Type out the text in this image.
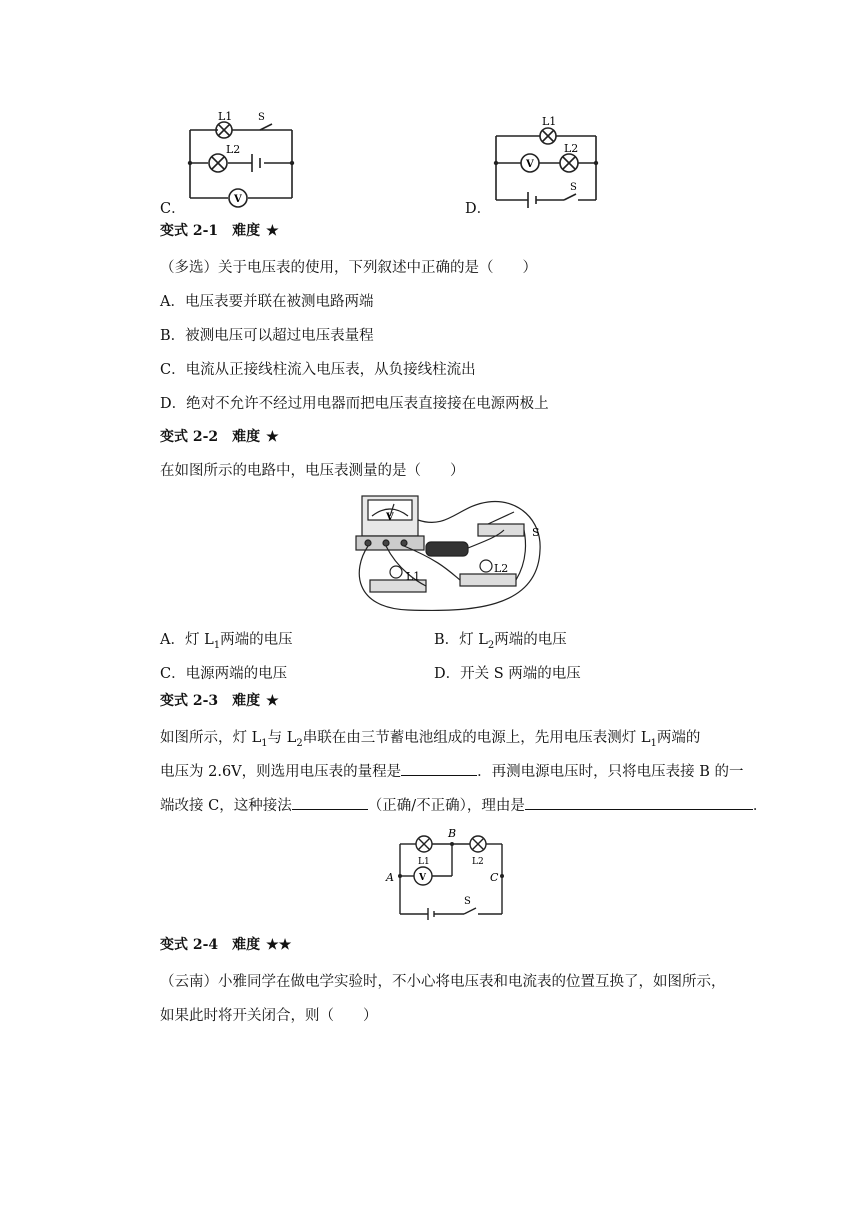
L1	S
L2
V
C．
L1
V
L2
S
D．
变式 2-1　难度 ★
（多选）关于电压表的使用，下列叙述中正确的是（　　）
A．电压表要并联在被测电路两端
B．被测电压可以超过电压表量程
C．电流从正接线柱流入电压表，从负接线柱流出
D．绝对不允许不经过用电器而把电压表直接接在电源两极上
变式 2-2　难度 ★
在如图所示的电路中，电压表测量的是（　　）
V
S
L1
L2
A．灯 $L_1$两端的电压	B．灯 $L_2$两端的电压
C．电源两端的电压	D．开关 S 两端的电压
变式 2-3　难度 ★
如图所示，灯 $L_1$与 $L_2$串联在由三节蓄电池组成的电源上，先用电压表测灯 $L_1$两端的
电压为 2.6V，则选用电压表的量程是	．再测电源电压时，只将电压表接 B 的一
端改接 C，这种接法	（正确/不正确），理由是	．
A
B
C
S
V
L1	L2
变式 2-4　难度 ★★
（云南）小雅同学在做电学实验时，不小心将电压表和电流表的位置互换了，如图所示，
如果此时将开关闭合，则（　　）
